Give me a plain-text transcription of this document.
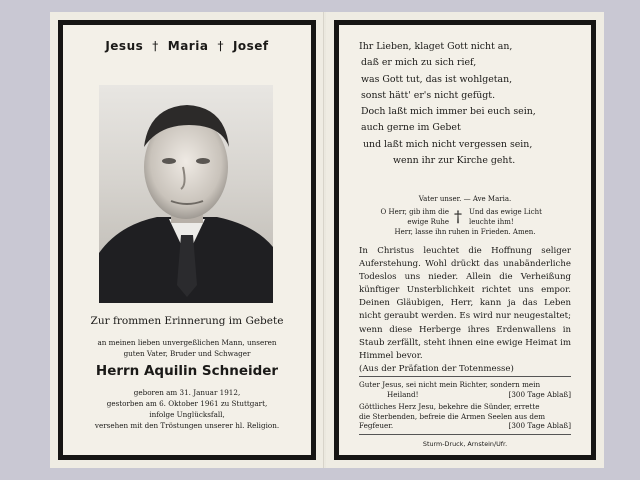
Jesus † Maria † Josef
Zur frommen Erinnerung im Gebete
an meinen lieben unvergeßlichen Mann, unseren
guten Vater, Bruder und Schwager
Herrn Aquilin Schneider
geboren am 31. Januar 1912,
gestorben am 6. Oktober 1961 zu Stuttgart,
infolge Unglücksfall,
versehen mit den Tröstungen unserer hl. Religion.
Ihr Lieben, klaget Gott nicht an,
daß er mich zu sich rief,
was Gott tut, das ist wohlgetan,
sonst hätt' er's nicht gefügt.
Doch laßt mich immer bei euch sein,
auch gerne im Gebet
und laßt mich nicht vergessen sein,
wenn ihr zur Kirche geht.
Vater unser. — Ave Maria.
O Herr, gib ihm die
ewige Ruhe † Und das ewige Licht
leuchte ihm!
Herr, lasse ihn ruhen in Frieden. Amen.
In Christus leuchtet die Hoffnung seliger Auferstehung. Wohl drückt das unabänderliche Todeslos uns nieder. Allein die Verheißung künftiger Unsterblichkeit richtet uns empor. Deinen Gläubigen, Herr, kann ja das Leben nicht geraubt werden. Es wird nur neugestaltet; wenn diese Herberge ihres Erdenwallens in Staub zerfällt, steht ihnen eine ewige Heimat im Himmel bevor.
(Aus der Präfation der Totenmesse)
Guter Jesus, sei nicht mein Richter, sondern mein
Heiland!	[300 Tage Ablaß]
Göttliches Herz Jesu, bekehre die Sünder, errette
die Sterbenden, befreie die Armen Seelen aus dem
Fegfeuer.	[300 Tage Ablaß]
Sturm-Druck, Arnstein/Ufr.
